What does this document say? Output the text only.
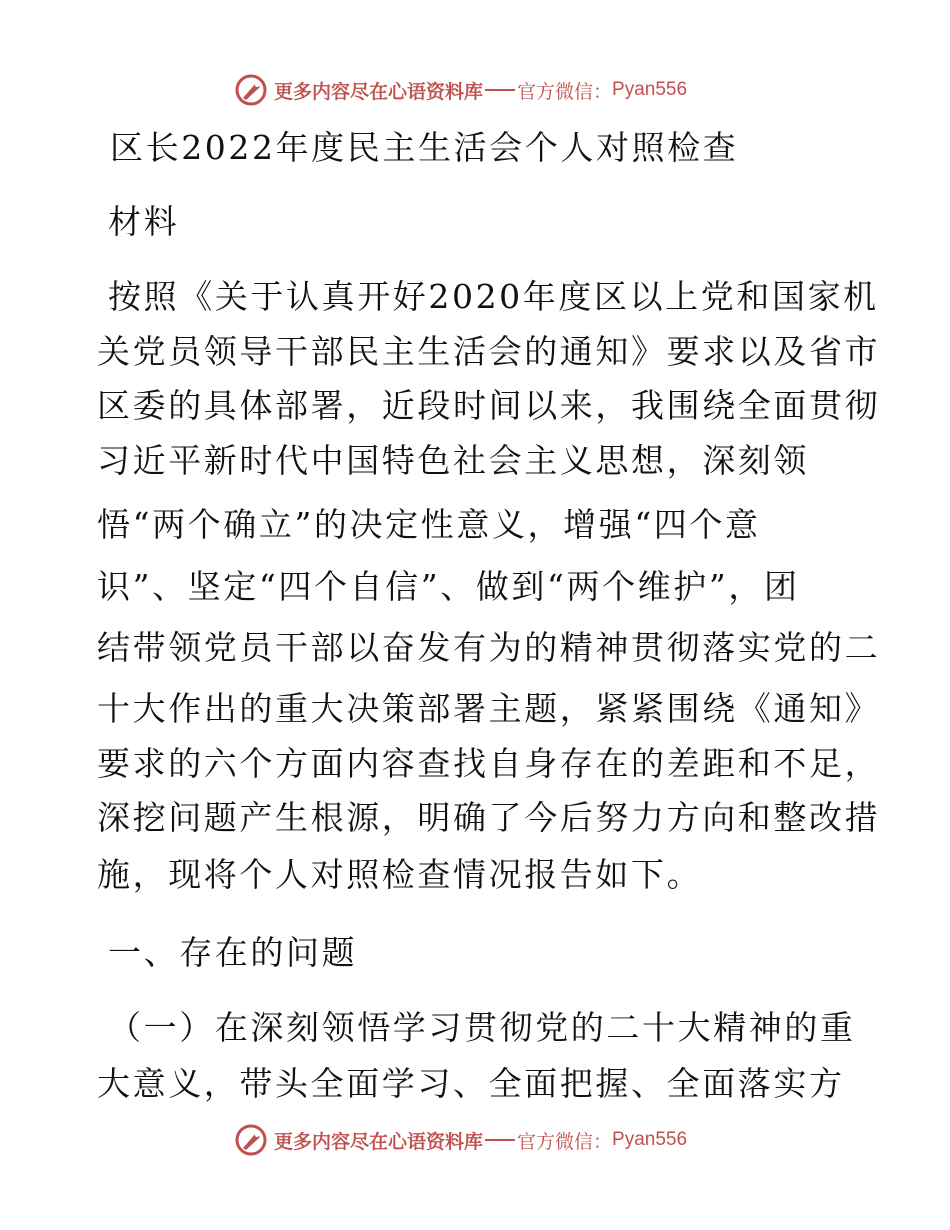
更多内容尽在心语资料库 官方微信： Pyan556
区长2022年度民主生活会个人对照检查
材料
按照《关于认真开好2020年度区以上党和国家机
关党员领导干部民主生活会的通知》要求以及省市
区委的具体部署，近段时间以来，我围绕全面贯彻
习近平新时代中国特色社会主义思想，深刻领
悟“两个确立”的决定性意义，增强“四个意
识”、坚定“四个自信”、做到“两个维护”，团
结带领党员干部以奋发有为的精神贯彻落实党的二
十大作出的重大决策部署主题，紧紧围绕《通知》
要求的六个方面内容查找自身存在的差距和不足，
深挖问题产生根源，明确了今后努力方向和整改措
施，现将个人对照检查情况报告如下。
一、存在的问题
（一）在深刻领悟学习贯彻党的二十大精神的重
大意义，带头全面学习、全面把握、全面落实方
更多内容尽在心语资料库 官方微信： Pyan556
